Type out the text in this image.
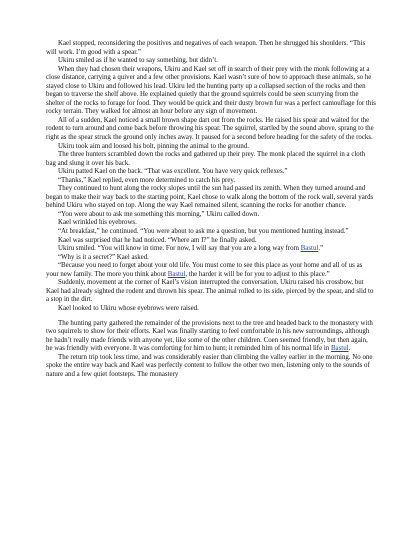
Kael stopped, reconsidering the positives and negatives of each weapon. Then he shrugged his shoulders. “This will work. I’m good with a spear.”

Ukiru smiled as if he wanted to say something, but didn’t.

When they had chosen their weapons, Ukiru and Kael set off in search of their prey with the monk following at a close distance, carrying a quiver and a few other provisions. Kael wasn’t sure of how to approach these animals, so he stayed close to Ukiru and followed his lead. Ukiru led the hunting party up a collapsed section of the rocks and then began to traverse the shelf above. He explained quietly that the ground squirrels could be seen scurrying from the shelter of the rocks to forage for food. They would be quick and their dusty brown fur was a perfect camouflage for this rocky terrain. They walked for almost an hour before any sign of movement.

All of a sudden, Kael noticed a small brown shape dart out from the rocks. He raised his spear and waited for the rodent to turn around and come back before throwing his spear. The squirrel, startled by the sound above, sprang to the right as the spear struck the ground only inches away. It paused for a second before heading for the safety of the rocks.

Ukiru took aim and loosed his bolt, pinning the animal to the ground.

The three hunters scrambled down the rocks and gathered up their prey. The monk placed the squirrel in a cloth bag and slung it over his back.

Ukiru patted Kael on the back. “That was excellent. You have very quick reflexes.”

“Thanks,” Kael replied, even more determined to catch his prey.

They continued to hunt along the rocky slopes until the sun had passed its zenith. When they turned around and began to make their way back to the starting point, Kael chose to walk along the bottom of the rock wall, several yards behind Ukiru who stayed on top. Along the way Kael remained silent, scanning the rocks for another chance.

“You were about to ask me something this morning,” Ukiru called down.

Kael wrinkled his eyebrows.

“At breakfast,” he continued. “You were about to ask me a question, but you mentioned hunting instead.”

Kael was surprised that he had noticed. “Where am I?” he finally asked.

Ukiru smiled. “You will know in time. For now, I will say that you are a long way from Bastul.”

“Why is it a secret?” Kael asked.

“Because you need to forget about your old life. You must come to see this place as your home and all of us as your new family. The more you think about Bastul, the harder it will be for you to adjust to this place.”

Suddenly, movement at the corner of Kael’s vision interrupted the conversation. Ukiru raised his crossbow, but Kael had already sighted the rodent and thrown his spear. The animal rolled to its side, pierced by the spear, and slid to a stop in the dirt.

Kael looked to Ukiru whose eyebrows were raised.

The hunting party gathered the remainder of the provisions next to the tree and headed back to the monastery with two squirrels to show for their efforts. Kael was finally starting to feel comfortable in his new surroundings, although he hadn’t really made friends with anyone yet, like some of the other children. Coen seemed friendly, but then again, he was friendly with everyone. It was comforting for him to hunt; it reminded him of his normal life in Bastul.

The return trip took less time, and was considerably easier than climbing the valley earlier in the morning. No one spoke the entire way back and Kael was perfectly content to follow the other two men, listening only to the sounds of nature and a few quiet footsteps. The monastery
